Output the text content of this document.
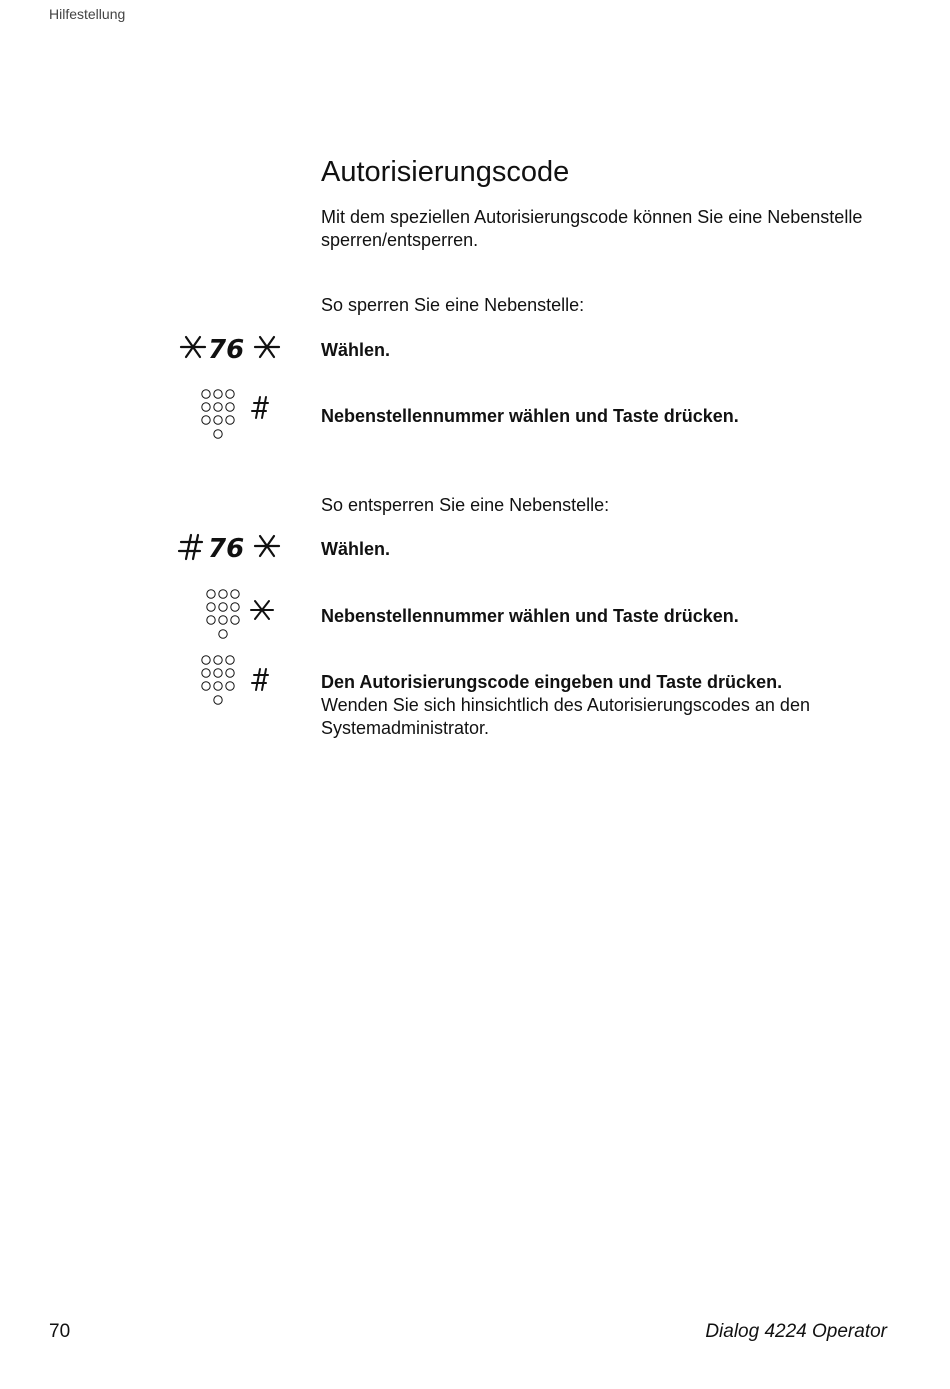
Hilfestellung
Autorisierungscode
Mit dem speziellen Autorisierungscode können Sie eine Nebenstelle sperren/entsperren.
So sperren Sie eine Nebenstelle:
76	Wählen.
Nebenstellennummer wählen und Taste drücken.
So entsperren Sie eine Nebenstelle:
76	Wählen.
Nebenstellennummer wählen und Taste drücken.
Den Autorisierungscode eingeben und Taste drücken.
Wenden Sie sich hinsichtlich des Autorisierungscodes an den Systemadministrator.
70	Dialog 4224 Operator
